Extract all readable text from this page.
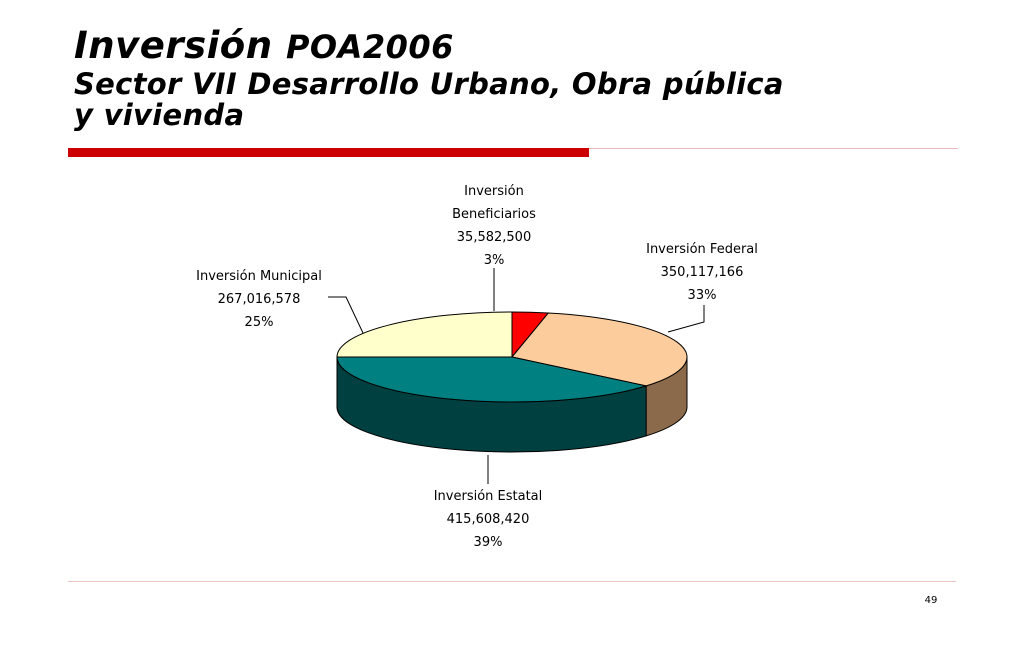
Inversión POA2006

Sector VII Desarrollo Urbano, Obra pública

y vivienda

Inversión
Beneficiarios
35,582,500
3%
Inversión Federal
350,117,166
33%
Inversión Estatal
415,608,420
39%
Inversión Municipal
267,016,578
25%
49
